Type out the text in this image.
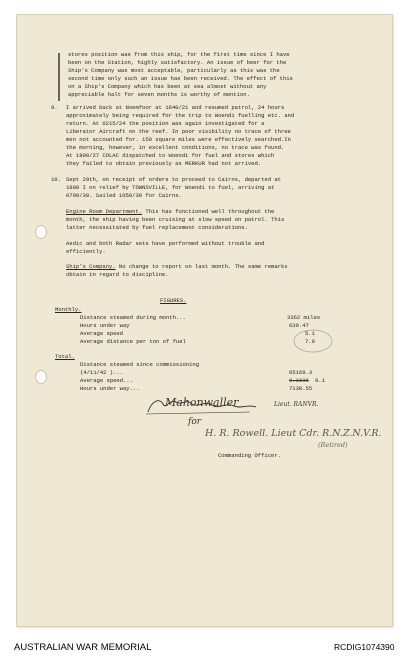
stores position was from this ship, for the first time since I have
been on the Station, highly satisfactory. An issue of beer for the
Ship's Company was most acceptable, particularly as this was the
second time only such an issue has been received. The effect of this
on a Ship's Company which has been at sea almost without any
appreciable halt for seven months is worthy of mention.
9. I arrived back at Noemfoor at 1640/21 and resumed patrol, 24 hours
approximately being required for the trip to Woendi fuelling etc. and
return. At 0215/24 the position was again investigated for a
Liberator Aircraft on the reef. In poor visibility no trace of three
men not accounted for. 150 square miles were effectively searched.In
the morning, however, in excellent conditions, no trace was found.
At 1800/27 COLAC dispatched to Woendi for fuel and stores which
they failed to obtain previously as MERKUR had not arrived.
10. Sept 29th, on receipt of orders to proceed to Cairns, departed at
1800 I on relief by TOWNSVILLE, for Woendi to fuel, arriving at
0700/30. Sailed 1050/30 for Cairns.
Engine Room Department. This has functioned well throughout the
month, the ship having been cruising at slow speed on patrol. This
latter necessitated by fuel replacement considerations.
Asdic and both Radar sets have performed without trouble and
efficiently.
Ship's Company. No change to report on last month. The same remarks
obtain in regard to discipline.
FIGURES.
Monthly.
Distance steamed during month...	3362 miles
Hours under way	639.47
Average speed	5.1
Average distance per ton of fuel	7.9
Total.
Distance steamed since commissioning
(4/11/42 )...	65169.3
Average speed...	9.1636 9.1
Hours under way...	7130.55
Mahonwaller	Lieut. RANVR.
for
H. R. Rowell. Lieut Cdr. R.N.Z.N.V.R.
(Retired)
Commanding Officer.
AUSTRALIAN WAR MEMORIAL	RCDIG1074390
